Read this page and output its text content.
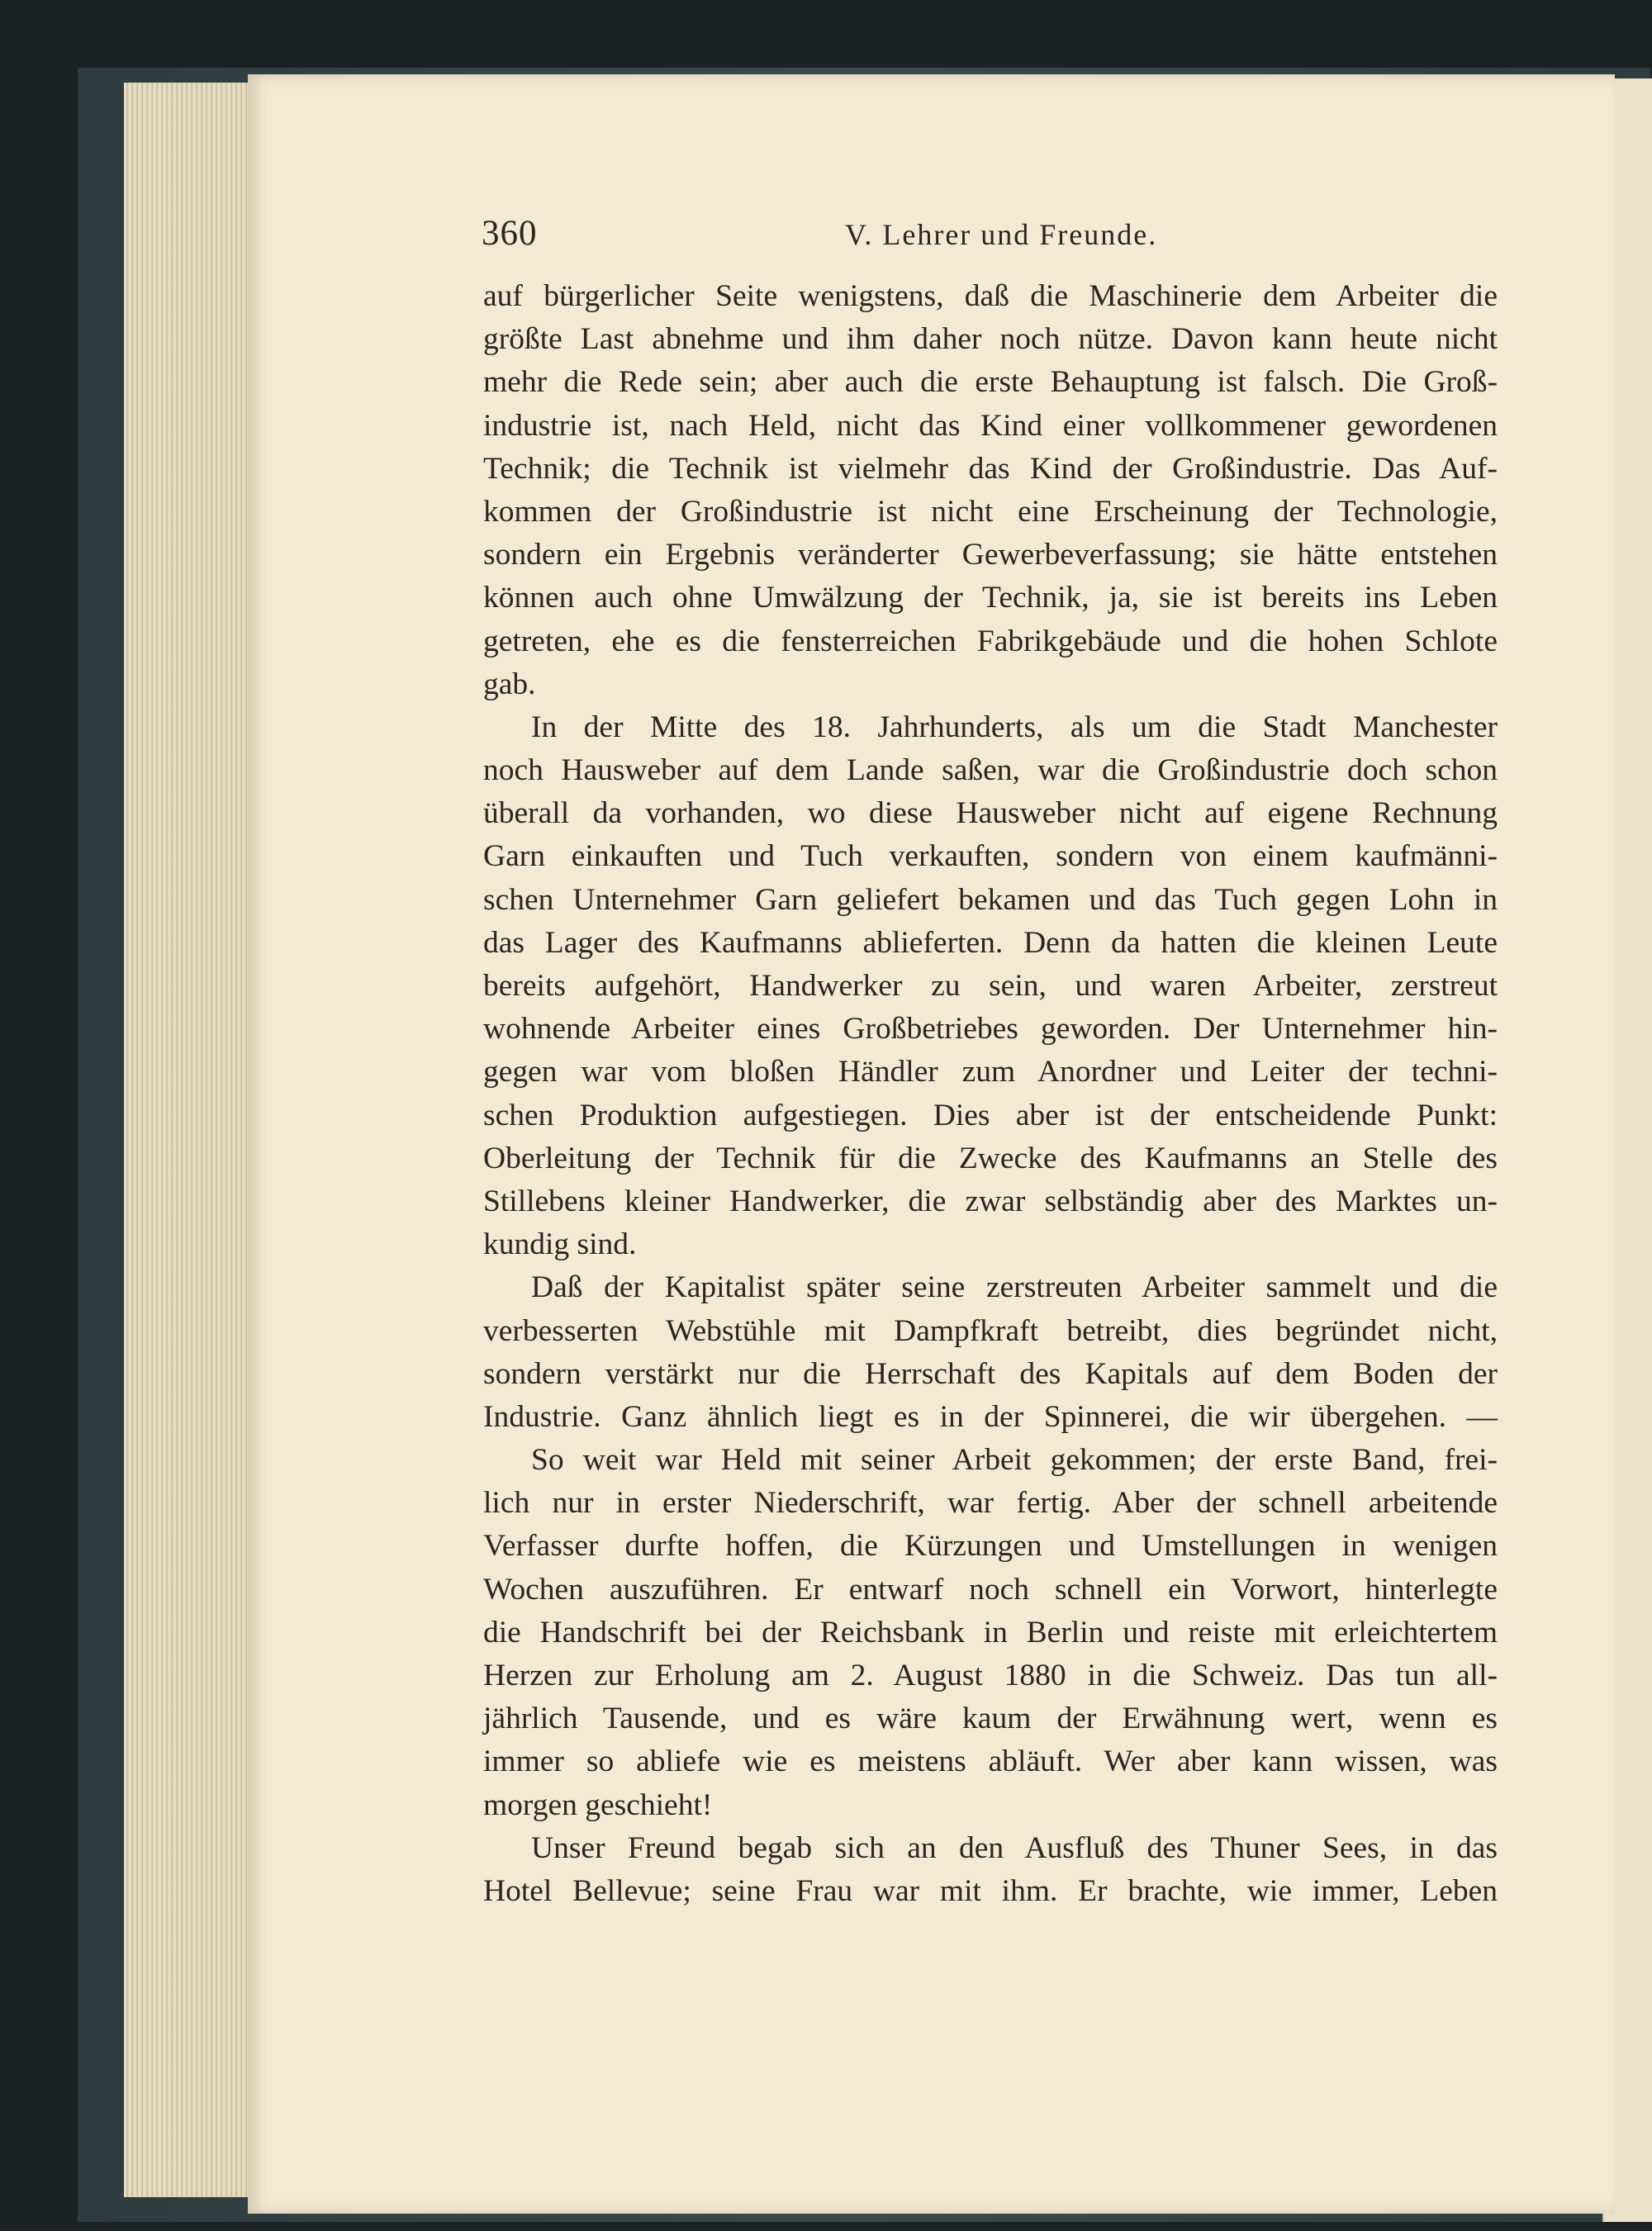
360	V. Lehrer und Freunde.
auf bürgerlicher Seite wenigstens, daß die Maschinerie dem Arbeiter die
größte Last abnehme und ihm daher noch nütze. Davon kann heute nicht
mehr die Rede sein; aber auch die erste Behauptung ist falsch. Die Groß-
industrie ist, nach Held, nicht das Kind einer vollkommener gewordenen
Technik; die Technik ist vielmehr das Kind der Großindustrie. Das Auf-
kommen der Großindustrie ist nicht eine Erscheinung der Technologie,
sondern ein Ergebnis veränderter Gewerbeverfassung; sie hätte entstehen
können auch ohne Umwälzung der Technik, ja, sie ist bereits ins Leben
getreten, ehe es die fensterreichen Fabrikgebäude und die hohen Schlote
gab.
In der Mitte des 18. Jahrhunderts, als um die Stadt Manchester
noch Hausweber auf dem Lande saßen, war die Großindustrie doch schon
überall da vorhanden, wo diese Hausweber nicht auf eigene Rechnung
Garn einkauften und Tuch verkauften, sondern von einem kaufmänni-
schen Unternehmer Garn geliefert bekamen und das Tuch gegen Lohn in
das Lager des Kaufmanns ablieferten. Denn da hatten die kleinen Leute
bereits aufgehört, Handwerker zu sein, und waren Arbeiter, zerstreut
wohnende Arbeiter eines Großbetriebes geworden. Der Unternehmer hin-
gegen war vom bloßen Händler zum Anordner und Leiter der techni-
schen Produktion aufgestiegen. Dies aber ist der entscheidende Punkt:
Oberleitung der Technik für die Zwecke des Kaufmanns an Stelle des
Stillebens kleiner Handwerker, die zwar selbständig aber des Marktes un-
kundig sind.
Daß der Kapitalist später seine zerstreuten Arbeiter sammelt und die
verbesserten Webstühle mit Dampfkraft betreibt, dies begründet nicht,
sondern verstärkt nur die Herrschaft des Kapitals auf dem Boden der
Industrie. Ganz ähnlich liegt es in der Spinnerei, die wir übergehen. —
So weit war Held mit seiner Arbeit gekommen; der erste Band, frei-
lich nur in erster Niederschrift, war fertig. Aber der schnell arbeitende
Verfasser durfte hoffen, die Kürzungen und Umstellungen in wenigen
Wochen auszuführen. Er entwarf noch schnell ein Vorwort, hinterlegte
die Handschrift bei der Reichsbank in Berlin und reiste mit erleichtertem
Herzen zur Erholung am 2. August 1880 in die Schweiz. Das tun all-
jährlich Tausende, und es wäre kaum der Erwähnung wert, wenn es
immer so abliefe wie es meistens abläuft. Wer aber kann wissen, was
morgen geschieht!
Unser Freund begab sich an den Ausfluß des Thuner Sees, in das
Hotel Bellevue; seine Frau war mit ihm. Er brachte, wie immer, Leben
